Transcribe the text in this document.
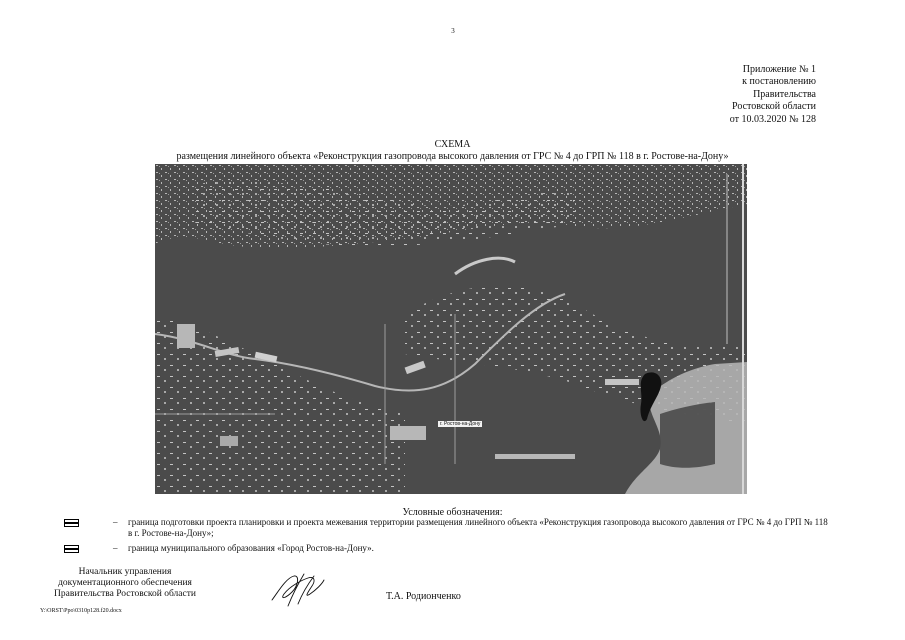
3
Приложение № 1
к постановлению
Правительства
Ростовской области
от 10.03.2020 № 128
СХЕМА
размещения линейного объекта «Реконструкция газопровода высокого давления от ГРС № 4 до ГРП № 118 в г. Ростове-на-Дону»
г. Ростов-на-Дону
Условные обозначения:
– граница подготовки проекта планировки и проекта межевания территории размещения линейного объекта «Реконструкция газопровода высокого давления от ГРС № 4 до ГРП № 118 в г. Ростове-на-Дону»;
– граница муниципального образования «Город Ростов-на-Дону».
Начальник управления
документационного обеспечения
Правительства Ростовской области	Т.А. Родионченко
Y:\ORST\Ppo\0310p128.f20.docx
